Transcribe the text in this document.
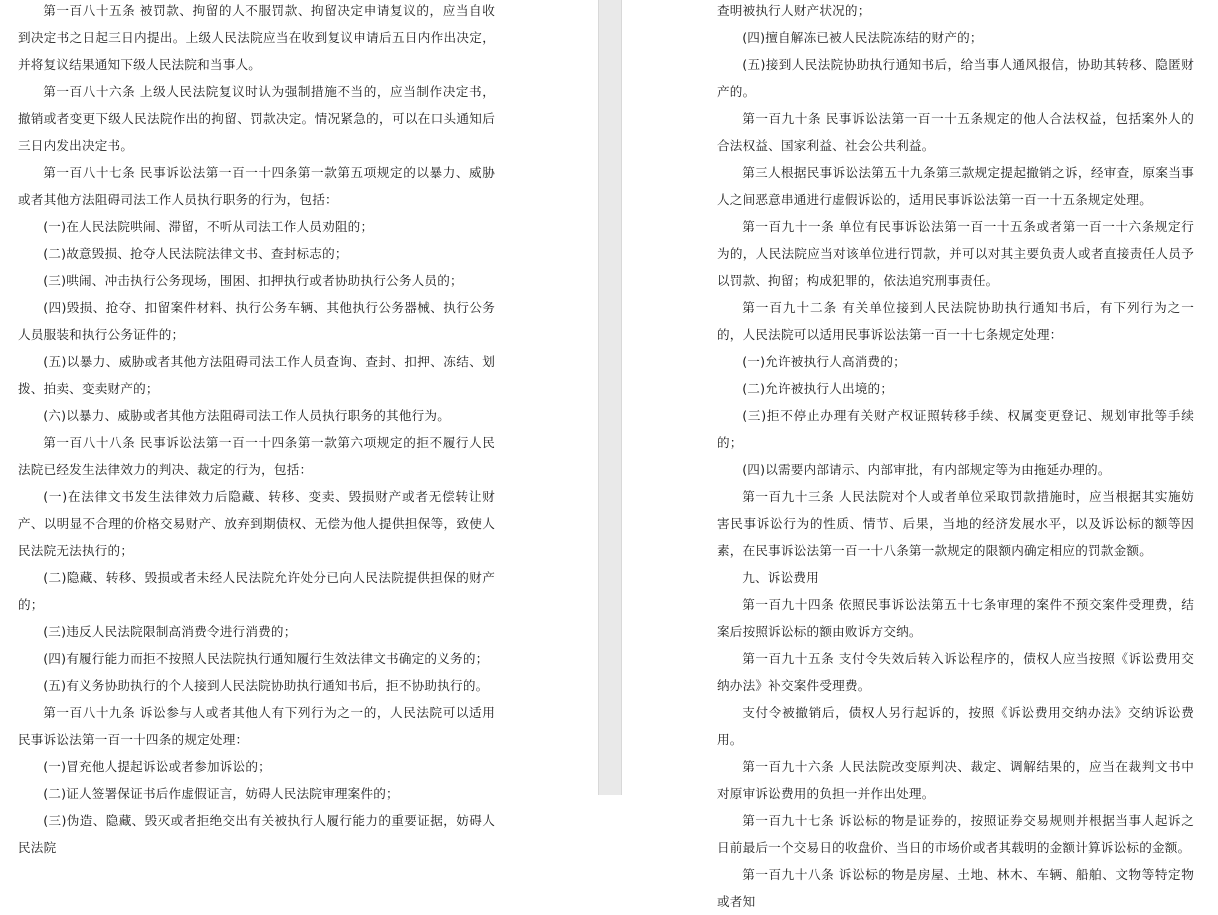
第一百八十五条 被罚款、拘留的人不服罚款、拘留决定申请复议的，应当自收到决定书之日起三日内提出。上级人民法院应当在收到复议申请后五日内作出决定，并将复议结果通知下级人民法院和当事人。

第一百八十六条 上级人民法院复议时认为强制措施不当的，应当制作决定书，撤销或者变更下级人民法院作出的拘留、罚款决定。情况紧急的，可以在口头通知后三日内发出决定书。

第一百八十七条 民事诉讼法第一百一十四条第一款第五项规定的以暴力、威胁或者其他方法阻碍司法工作人员执行职务的行为，包括：

(一)在人民法院哄闹、滞留，不听从司法工作人员劝阻的；

(二)故意毁损、抢夺人民法院法律文书、查封标志的；

(三)哄闹、冲击执行公务现场，围困、扣押执行或者协助执行公务人员的；

(四)毁损、抢夺、扣留案件材料、执行公务车辆、其他执行公务器械、执行公务人员服装和执行公务证件的；

(五)以暴力、威胁或者其他方法阻碍司法工作人员查询、查封、扣押、冻结、划拨、拍卖、变卖财产的；

(六)以暴力、威胁或者其他方法阻碍司法工作人员执行职务的其他行为。

第一百八十八条 民事诉讼法第一百一十四条第一款第六项规定的拒不履行人民法院已经发生法律效力的判决、裁定的行为，包括：

(一)在法律文书发生法律效力后隐藏、转移、变卖、毁损财产或者无偿转让财产、以明显不合理的价格交易财产、放弃到期债权、无偿为他人提供担保等，致使人民法院无法执行的；

(二)隐藏、转移、毁损或者未经人民法院允许处分已向人民法院提供担保的财产的；

(三)违反人民法院限制高消费令进行消费的；

(四)有履行能力而拒不按照人民法院执行通知履行生效法律文书确定的义务的；

(五)有义务协助执行的个人接到人民法院协助执行通知书后，拒不协助执行的。

第一百八十九条 诉讼参与人或者其他人有下列行为之一的，人民法院可以适用民事诉讼法第一百一十四条的规定处理：

(一)冒充他人提起诉讼或者参加诉讼的；

(二)证人签署保证书后作虚假证言，妨碍人民法院审理案件的；

(三)伪造、隐藏、毁灭或者拒绝交出有关被执行人履行能力的重要证据，妨碍人民法院

查明被执行人财产状况的；

(四)擅自解冻已被人民法院冻结的财产的；

(五)接到人民法院协助执行通知书后，给当事人通风报信，协助其转移、隐匿财产的。

第一百九十条 民事诉讼法第一百一十五条规定的他人合法权益，包括案外人的合法权益、国家利益、社会公共利益。

第三人根据民事诉讼法第五十九条第三款规定提起撤销之诉，经审查，原案当事人之间恶意串通进行虚假诉讼的，适用民事诉讼法第一百一十五条规定处理。

第一百九十一条 单位有民事诉讼法第一百一十五条或者第一百一十六条规定行为的，人民法院应当对该单位进行罚款，并可以对其主要负责人或者直接责任人员予以罚款、拘留；构成犯罪的，依法追究刑事责任。

第一百九十二条 有关单位接到人民法院协助执行通知书后，有下列行为之一的，人民法院可以适用民事诉讼法第一百一十七条规定处理：

(一)允许被执行人高消费的；

(二)允许被执行人出境的；

(三)拒不停止办理有关财产权证照转移手续、权属变更登记、规划审批等手续的；

(四)以需要内部请示、内部审批，有内部规定等为由拖延办理的。

第一百九十三条 人民法院对个人或者单位采取罚款措施时，应当根据其实施妨害民事诉讼行为的性质、情节、后果，当地的经济发展水平，以及诉讼标的额等因素，在民事诉讼法第一百一十八条第一款规定的限额内确定相应的罚款金额。

九、诉讼费用

第一百九十四条 依照民事诉讼法第五十七条审理的案件不预交案件受理费，结案后按照诉讼标的额由败诉方交纳。

第一百九十五条 支付令失效后转入诉讼程序的，债权人应当按照《诉讼费用交纳办法》补交案件受理费。

支付令被撤销后，债权人另行起诉的，按照《诉讼费用交纳办法》交纳诉讼费用。

第一百九十六条 人民法院改变原判决、裁定、调解结果的，应当在裁判文书中对原审诉讼费用的负担一并作出处理。

第一百九十七条 诉讼标的物是证券的，按照证券交易规则并根据当事人起诉之日前最后一个交易日的收盘价、当日的市场价或者其载明的金额计算诉讼标的金额。

第一百九十八条 诉讼标的物是房屋、土地、林木、车辆、船舶、文物等特定物或者知
